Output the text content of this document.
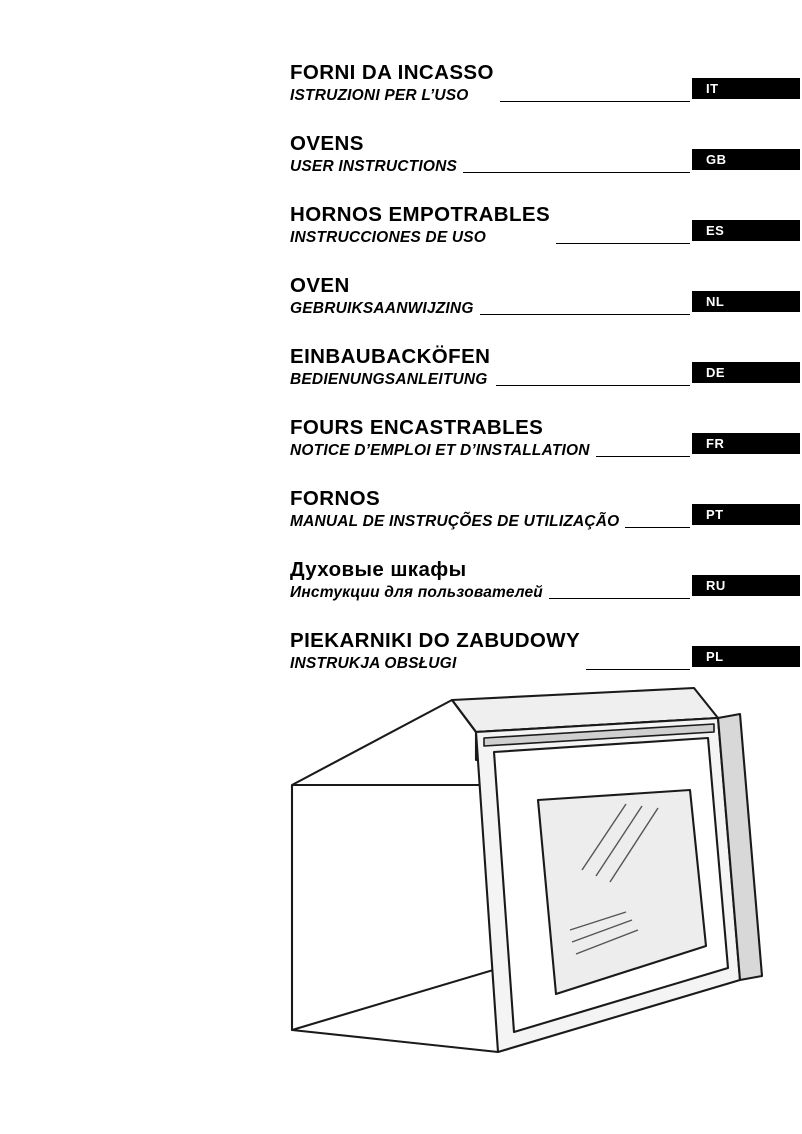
FORNI DA INCASSO

ISTRUZIONI PER L’USO	IT

OVENS

USER INSTRUCTIONS	GB

HORNOS EMPOTRABLES

INSTRUCCIONES DE USO	ES

OVEN

GEBRUIKSAANWIJZING	NL

EINBAUBACKÖFEN

BEDIENUNGSANLEITUNG	DE

FOURS ENCASTRABLES

NOTICE D’EMPLOI ET D’INSTALLATION	FR

FORNOS

MANUAL DE INSTRUÇÕES DE UTILIZAÇÃO	PT

Духовые шкафы

Инстукции для пользователей	RU

PIEKARNIKI DO ZABUDOWY

INSTRUKJA OBSŁUGI	PL
